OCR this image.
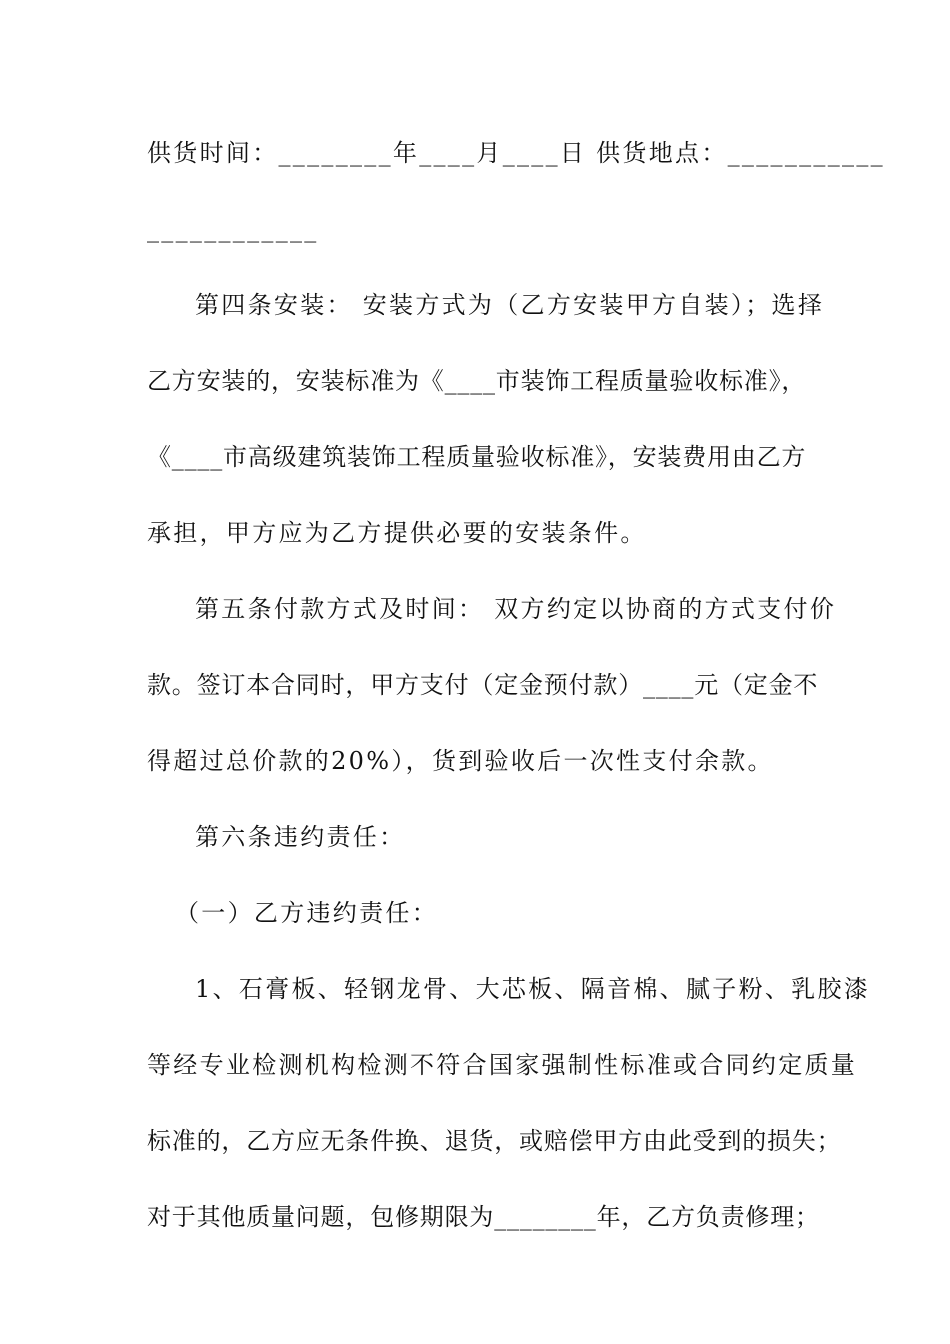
供货时间：________年____月____日 供货地点：___________
____________
第四条安装： 安装方式为（乙方安装甲方自装）；选择
乙方安装的，安装标准为《____市装饰工程质量验收标准》，
《____市高级建筑装饰工程质量验收标准》，安装费用由乙方
承担，甲方应为乙方提供必要的安装条件。
第五条付款方式及时间： 双方约定以协商的方式支付价
款。签订本合同时，甲方支付（定金预付款）____元（定金不
得超过总价款的20%），货到验收后一次性支付余款。
第六条违约责任：
（一）乙方违约责任：
1、石膏板、轻钢龙骨、大芯板、隔音棉、腻子粉、乳胶漆
等经专业检测机构检测不符合国家强制性标准或合同约定质量
标准的，乙方应无条件换、退货，或赔偿甲方由此受到的损失；
对于其他质量问题，包修期限为________年，乙方负责修理；
